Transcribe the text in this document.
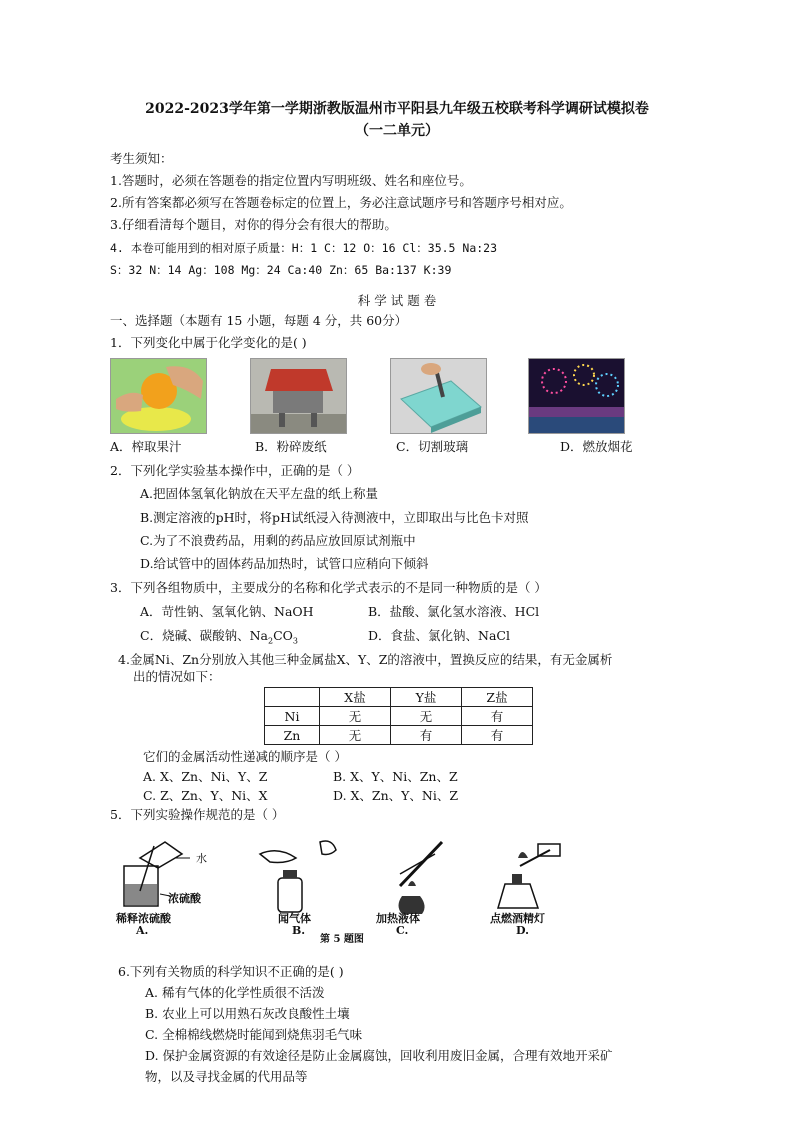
2022-2023学年第一学期浙教版温州市平阳县九年级五校联考科学调研试模拟卷
（一二单元）
考生须知：
1.答题时，必须在答题卷的指定位置内写明班级、姓名和座位号。
2.所有答案都必须写在答题卷标定的位置上，务必注意试题序号和答题序号相对应。
3.仔细看清每个题目，对你的得分会有很大的帮助。
4. 本卷可能用到的相对原子质量：H：1 C：12 O：16 Cl：35.5 Na:23
S：32 N：14 Ag：108 Mg：24 Ca:40 Zn：65 Ba:137 K:39
科 学 试 题 卷
一、选择题（本题有 15 小题，每题 4 分，共 60分）
1．下列变化中属于化学变化的是( )
A．榨取果汁	B．粉碎废纸	C．切割玻璃	D．燃放烟花
2．下列化学实验基本操作中，正确的是（ ）
A.把固体氢氧化钠放在天平左盘的纸上称量
B.测定溶液的pH时，将pH试纸浸入待测液中，立即取出与比色卡对照
C.为了不浪费药品，用剩的药品应放回原试剂瓶中
D.给试管中的固体药品加热时，试管口应稍向下倾斜
3．下列各组物质中，主要成分的名称和化学式表示的不是同一种物质的是（ ）
A．苛性钠、氢氧化钠、NaOH	B．盐酸、氯化氢水溶液、HCl
C．烧碱、碳酸钠、$Na_2CO_3$	D．食盐、氯化钠、NaCl
4.金属Ni、Zn分别放入其他三种金属盐X、Y、Z的溶液中，置换反应的结果，有无金属析
出的情况如下：
	X盐	Y盐	Z盐
Ni	无	无	有
Zn	无	有	有
它们的金属活动性递减的顺序是（ ）
A. X、Zn、Ni、Y、Z	B. X、Y、Ni、Zn、Z
C. Z、Zn、Y、Ni、X	D. X、Zn、Y、Ni、Z
5．下列实验操作规范的是（ ）
水
浓硫酸
稀释浓硫酸
A.
闻气体
B.
加热液体
C.
点燃酒精灯
D.
第 5 题图
6.下列有关物质的科学知识不正确的是( )
A. 稀有气体的化学性质很不活泼
B. 农业上可以用熟石灰改良酸性土壤
C. 全棉棉线燃烧时能闻到烧焦羽毛气味
D. 保护金属资源的有效途径是防止金属腐蚀，回收利用废旧金属，合理有效地开采矿
物，以及寻找金属的代用品等
